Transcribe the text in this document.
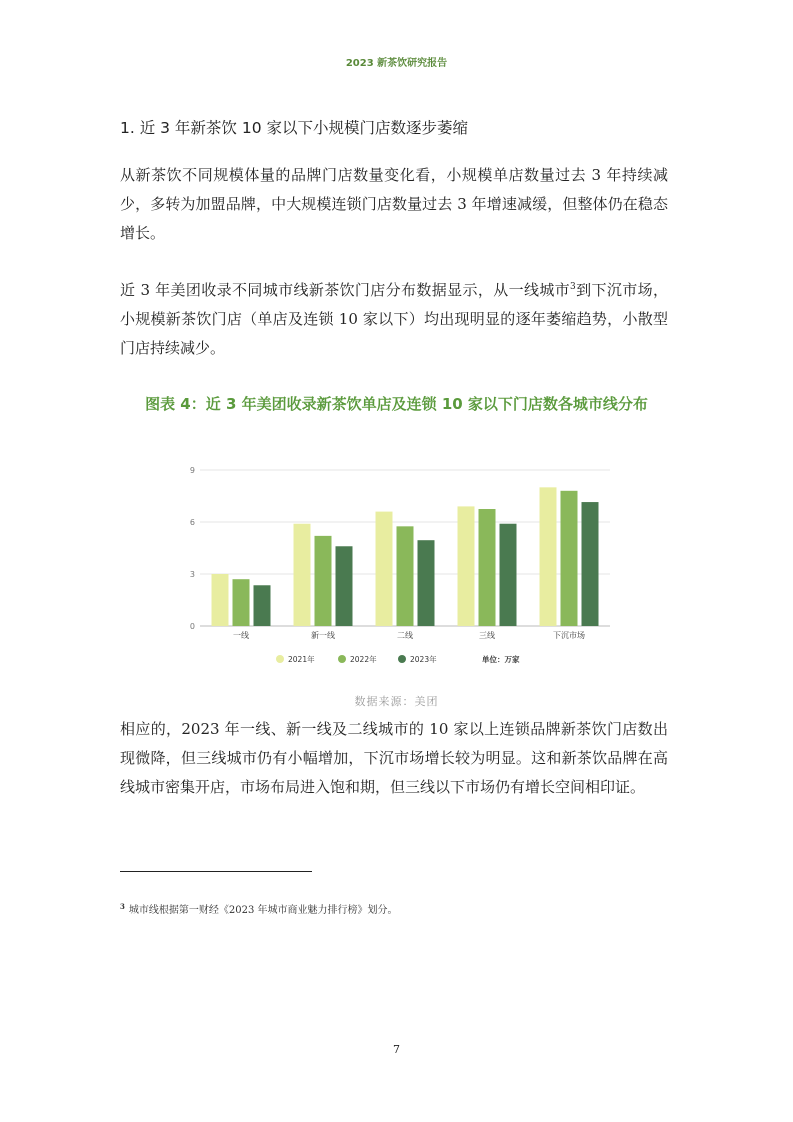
2023 新茶饮研究报告
1. 近 3 年新茶饮 10 家以下小规模门店数逐步萎缩

从新茶饮不同规模体量的品牌门店数量变化看，小规模单店数量过去 3 年持续减少，多转为加盟品牌，中大规模连锁门店数量过去 3 年增速减缓，但整体仍在稳态增长。

近 3 年美团收录不同城市线新茶饮门店分布数据显示，从一线城市$^3$到下沉市场，小规模新茶饮门店（单店及连锁 10 家以下）均出现明显的逐年萎缩趋势，小散型门店持续减少。

图表 4：近 3 年美团收录新茶饮单店及连锁 10 家以下门店数各城市线分布
0
3
6
9
一线	新一线	二线	三线	下沉市场
2021年	2022年	2023年	单位：万家
数据来源：美团

相应的，2023 年一线、新一线及二线城市的 10 家以上连锁品牌新茶饮门店数出现微降，但三线城市仍有小幅增加，下沉市场增长较为明显。这和新茶饮品牌在高线城市密集开店，市场布局进入饱和期，但三线以下市场仍有增长空间相印证。

$^3$ 城市线根据第一财经《2023 年城市商业魅力排行榜》划分。
7
